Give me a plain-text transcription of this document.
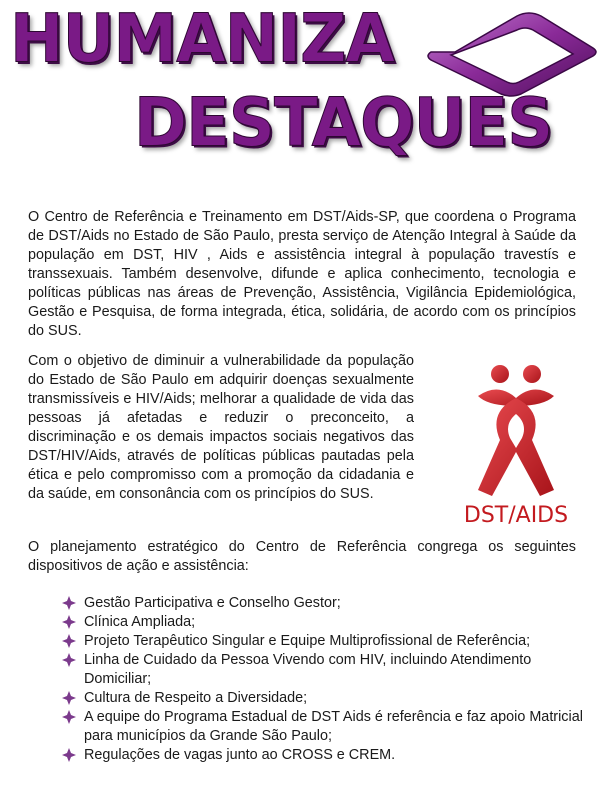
HUMANIZA
DESTAQUES

O Centro de Referência e Treinamento em DST/Aids-SP, que coordena o Programa de DST/Aids no Estado de São Paulo, presta serviço de Atenção Integral à Saúde da população em DST, HIV , Aids e assistência integral à população travestís e transsexuais. Também desenvolve, difunde e aplica conhecimento, tecnologia e políticas públicas nas áreas de Prevenção, Assistência, Vigilância Epidemiológica, Gestão e Pesquisa, de forma integrada, ética, solidária, de acordo com os princípios do SUS.

Com o objetivo de diminuir a vulnerabilidade da população do Estado de São Paulo em adquirir doenças sexualmente transmissíveis e HIV/Aids; melhorar a qualidade de vida das pessoas já afetadas e reduzir o preconceito, a discriminação e os demais impactos sociais negativos das DST/HIV/Aids, através de políticas públicas pautadas pela ética e pelo compromisso com a promoção da cidadania e da saúde, em consonância com os princípios do SUS.

DST/AIDS

O planejamento estratégico do Centro de Referência congrega os seguintes dispositivos de ação e assistência:

Gestão Participativa e Conselho Gestor;
Clínica Ampliada;
Projeto Terapêutico Singular e Equipe Multiprofissional de Referência;
Linha de Cuidado da Pessoa Vivendo com HIV, incluindo Atendimento Domiciliar;
Cultura de Respeito a Diversidade;
A equipe do Programa Estadual de DST Aids é referência e faz apoio Matricial para municípios da Grande São Paulo;
Regulações de vagas junto ao CROSS e CREM.
